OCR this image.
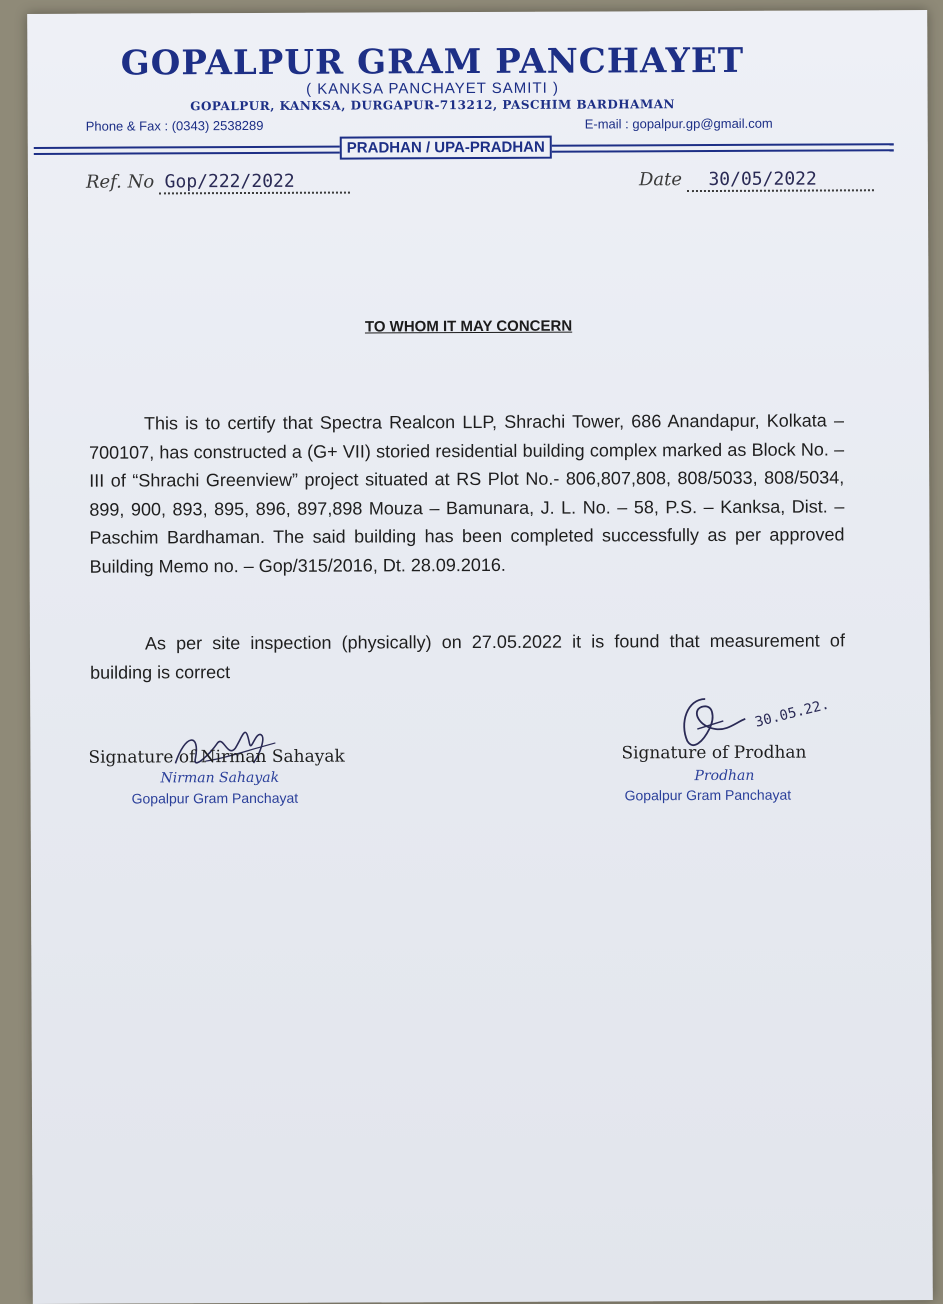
GOPALPUR GRAM PANCHAYET
( KANKSA PANCHAYET SAMITI )
GOPALPUR, KANKSA, DURGAPUR-713212, PASCHIM BARDHAMAN
Phone & Fax : (0343) 2538289	E-mail : gopalpur.gp@gmail.com
PRADHAN / UPA-PRADHAN
Ref. No Gop/222/2022	Date 30/05/2022
TO WHOM IT MAY CONCERN
This is to certify that Spectra Realcon LLP, Shrachi Tower, 686 Anandapur, Kolkata – 700107, has constructed a (G+ VII) storied residential building complex marked as Block No. – III of “Shrachi Greenview” project situated at RS Plot No.- 806,807,808, 808/5033, 808/5034, 899, 900, 893, 895, 896, 897,898 Mouza – Bamunara, J. L. No. – 58, P.S. – Kanksa, Dist. – Paschim Bardhaman. The said building has been completed successfully as per approved Building Memo no. – Gop/315/2016, Dt. 28.09.2016.
As per site inspection (physically) on 27.05.2022 it is found that measurement of building is correct
Signature of Nirman Sahayak
Nirman Sahayak
Gopalpur Gram Panchayat
30.05.22.
Signature of Prodhan
Prodhan
Gopalpur Gram Panchayat
